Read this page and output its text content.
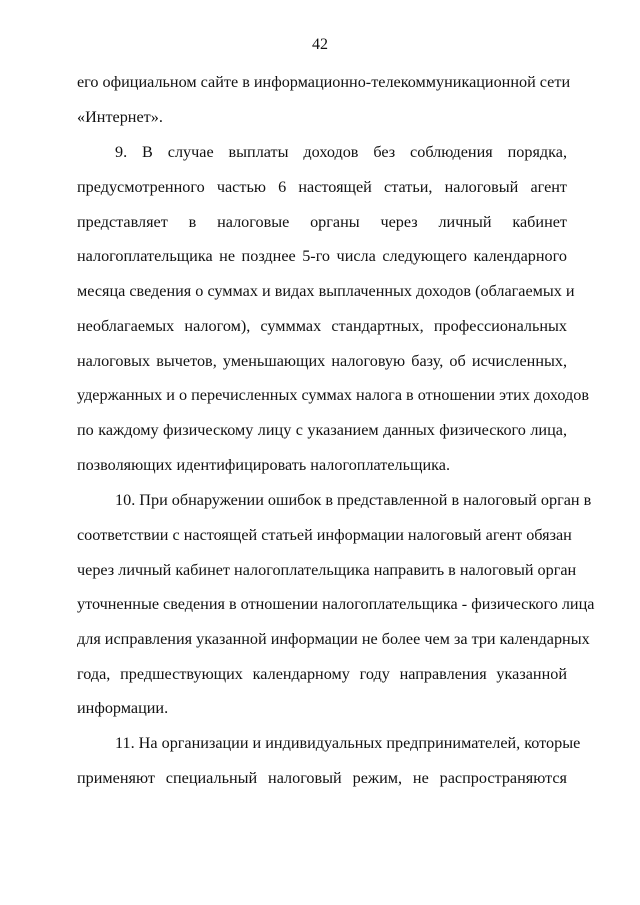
42
его официальном сайте в информационно-телекоммуникационной сети
«Интернет».
9. В случае выплаты доходов без соблюдения порядка,
предусмотренного частью 6 настоящей статьи, налоговый агент
представляет в налоговые органы через личный кабинет
налогоплательщика не позднее 5-го числа следующего календарного
месяца сведения о суммах и видах выплаченных доходов (облагаемых и
необлагаемых налогом), сумммах стандартных, профессиональных
налоговых вычетов, уменьшающих налоговую базу, об исчисленных,
удержанных и о перечисленных суммах налога в отношении этих доходов
по каждому физическому лицу с указанием данных физического лица,
позволяющих идентифицировать налогоплательщика.
10. При обнаружении ошибок в представленной в налоговый орган в
соответствии с настоящей статьей информации налоговый агент обязан
через личный кабинет налогоплательщика направить в налоговый орган
уточненные сведения в отношении налогоплательщика - физического лица
для исправления указанной информации не более чем за три календарных
года, предшествующих календарному году направления указанной
информации.
11. На организации и индивидуальных предпринимателей, которые
применяют специальный налоговый режим, не распространяются
